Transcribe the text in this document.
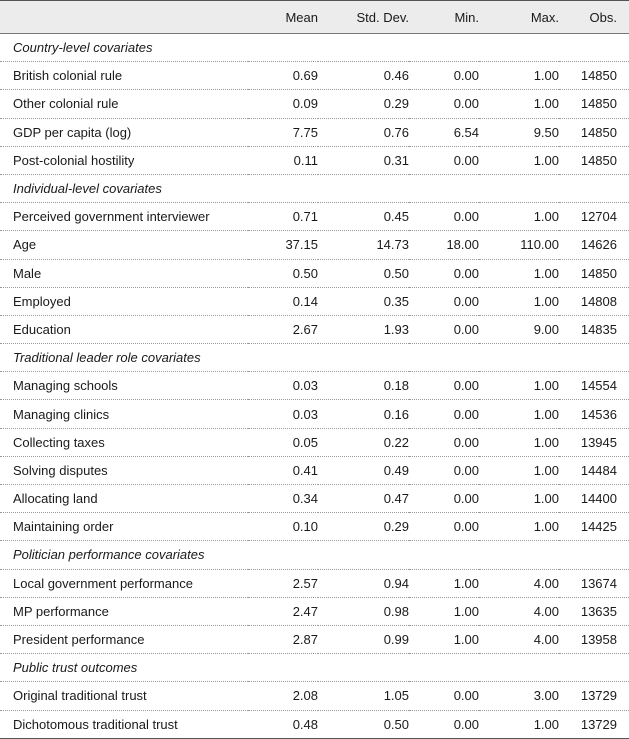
	Mean	Std. Dev.	Min.	Max.	Obs.
Country-level covariates					
British colonial rule	0.69	0.46	0.00	1.00	14850
Other colonial rule	0.09	0.29	0.00	1.00	14850
GDP per capita (log)	7.75	0.76	6.54	9.50	14850
Post-colonial hostility	0.11	0.31	0.00	1.00	14850
Individual-level covariates					
Perceived government interviewer	0.71	0.45	0.00	1.00	12704
Age	37.15	14.73	18.00	110.00	14626
Male	0.50	0.50	0.00	1.00	14850
Employed	0.14	0.35	0.00	1.00	14808
Education	2.67	1.93	0.00	9.00	14835
Traditional leader role covariates					
Managing schools	0.03	0.18	0.00	1.00	14554
Managing clinics	0.03	0.16	0.00	1.00	14536
Collecting taxes	0.05	0.22	0.00	1.00	13945
Solving disputes	0.41	0.49	0.00	1.00	14484
Allocating land	0.34	0.47	0.00	1.00	14400
Maintaining order	0.10	0.29	0.00	1.00	14425
Politician performance covariates					
Local government performance	2.57	0.94	1.00	4.00	13674
MP performance	2.47	0.98	1.00	4.00	13635
President performance	2.87	0.99	1.00	4.00	13958
Public trust outcomes					
Original traditional trust	2.08	1.05	0.00	3.00	13729
Dichotomous traditional trust	0.48	0.50	0.00	1.00	13729
